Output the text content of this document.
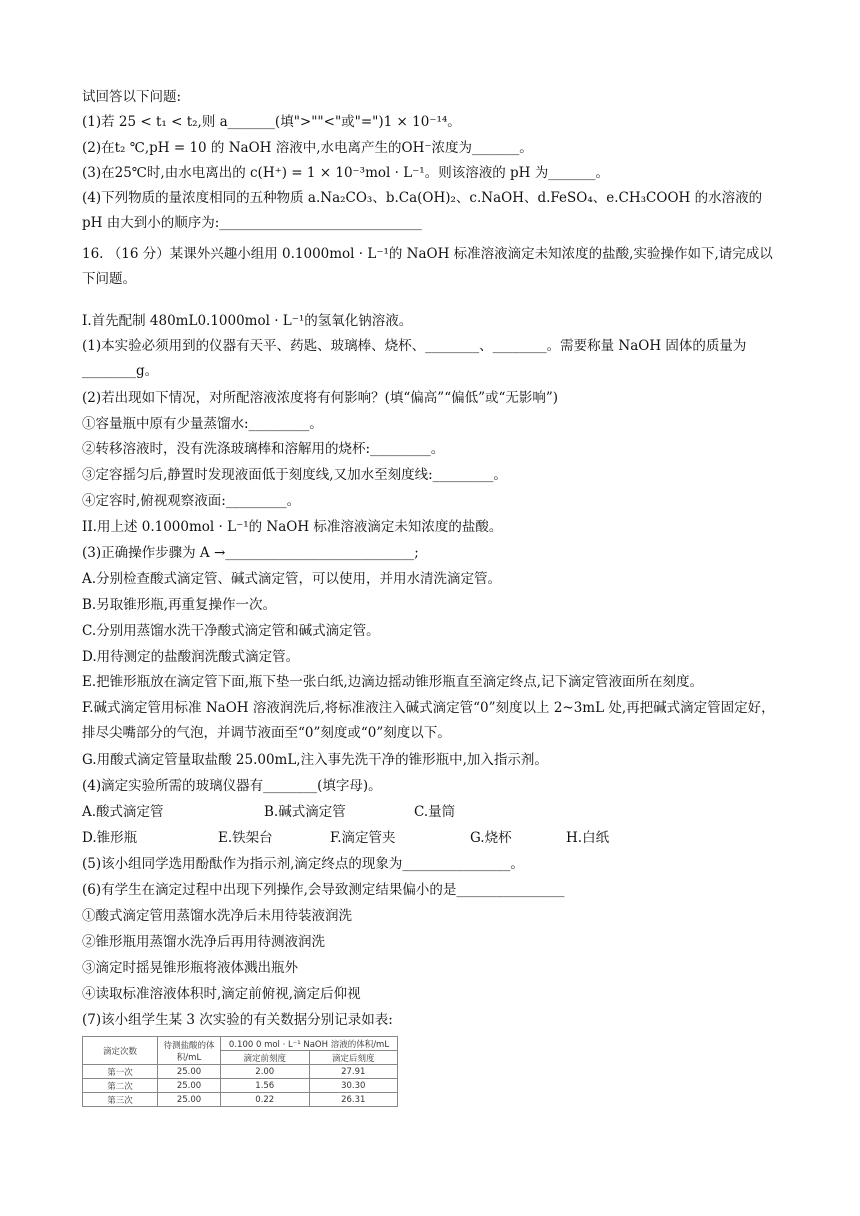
试回答以下问题:
(1)若 25 < t₁ < t₂,则 a_______(填">""<"或"=")1 × 10⁻¹⁴。
(2)在t₂ ℃,pH = 10 的 NaOH 溶液中,水电离产生的OH⁻浓度为_______。
(3)在25℃时,由水电离出的 c(H⁺) = 1 × 10⁻³mol · L⁻¹。则该溶液的 pH 为_______。
(4)下列物质的量浓度相同的五种物质 a.Na₂CO₃、b.Ca(OH)₂、c.NaOH、d.FeSO₄、e.CH₃COOH 的水溶液的pH 由大到小的顺序为:______________________________
16. （16 分）某课外兴趣小组用 0.1000mol · L⁻¹的 NaOH 标准溶液滴定未知浓度的盐酸,实验操作如下,请完成以下问题。
I.首先配制 480mL0.1000mol · L⁻¹的氢氧化钠溶液。
(1)本实验必须用到的仪器有天平、药匙、玻璃棒、烧杯、________、________。需要称量 NaOH 固体的质量为________g。
(2)若出现如下情况，对所配溶液浓度将有何影响？(填“偏高”“偏低”或“无影响”)
①容量瓶中原有少量蒸馏水:_________。
②转移溶液时，没有洗涤玻璃棒和溶解用的烧杯:_________。
③定容摇匀后,静置时发现液面低于刻度线,又加水至刻度线:_________。
④定容时,俯视观察液面:_________。
II.用上述 0.1000mol · L⁻¹的 NaOH 标准溶液滴定未知浓度的盐酸。
(3)正确操作步骤为 A →____________________________;
A.分别检查酸式滴定管、碱式滴定管，可以使用，并用水清洗滴定管。
B.另取锥形瓶,再重复操作一次。
C.分别用蒸馏水洗干净酸式滴定管和碱式滴定管。
D.用待测定的盐酸润洗酸式滴定管。
E.把锥形瓶放在滴定管下面,瓶下垫一张白纸,边滴边摇动锥形瓶直至滴定终点,记下滴定管液面所在刻度。
F.碱式滴定管用标准 NaOH 溶液润洗后,将标准液注入碱式滴定管“0”刻度以上 2~3mL 处,再把碱式滴定管固定好，排尽尖嘴部分的气泡，并调节液面至“0”刻度或“0”刻度以下。
G.用酸式滴定管量取盐酸 25.00mL,注入事先洗干净的锥形瓶中,加入指示剂。
(4)滴定实验所需的玻璃仪器有________(填字母)。
A.酸式滴定管	B.碱式滴定管	C.量筒
D.锥形瓶	E.铁架台	F.滴定管夹	G.烧杯	H.白纸
(5)该小组同学选用酚酞作为指示剂,滴定终点的现象为________________。
(6)有学生在滴定过程中出现下列操作,会导致测定结果偏小的是________________
①酸式滴定管用蒸馏水洗净后未用待装液润洗
②锥形瓶用蒸馏水洗净后再用待测液润洗
③滴定时摇晃锥形瓶将液体溅出瓶外
④读取标准溶液体积时,滴定前俯视,滴定后仰视
(7)该小组学生某 3 次实验的有关数据分别记录如表:
滴定次数	待测盐酸的体积/mL	0.100 0 mol · L⁻¹ NaOH 溶液的体积/mL	
		滴定前刻度	滴定后刻度
第一次	25.00	2.00	27.91
第二次	25.00	1.56	30.30
第三次	25.00	0.22	26.31
